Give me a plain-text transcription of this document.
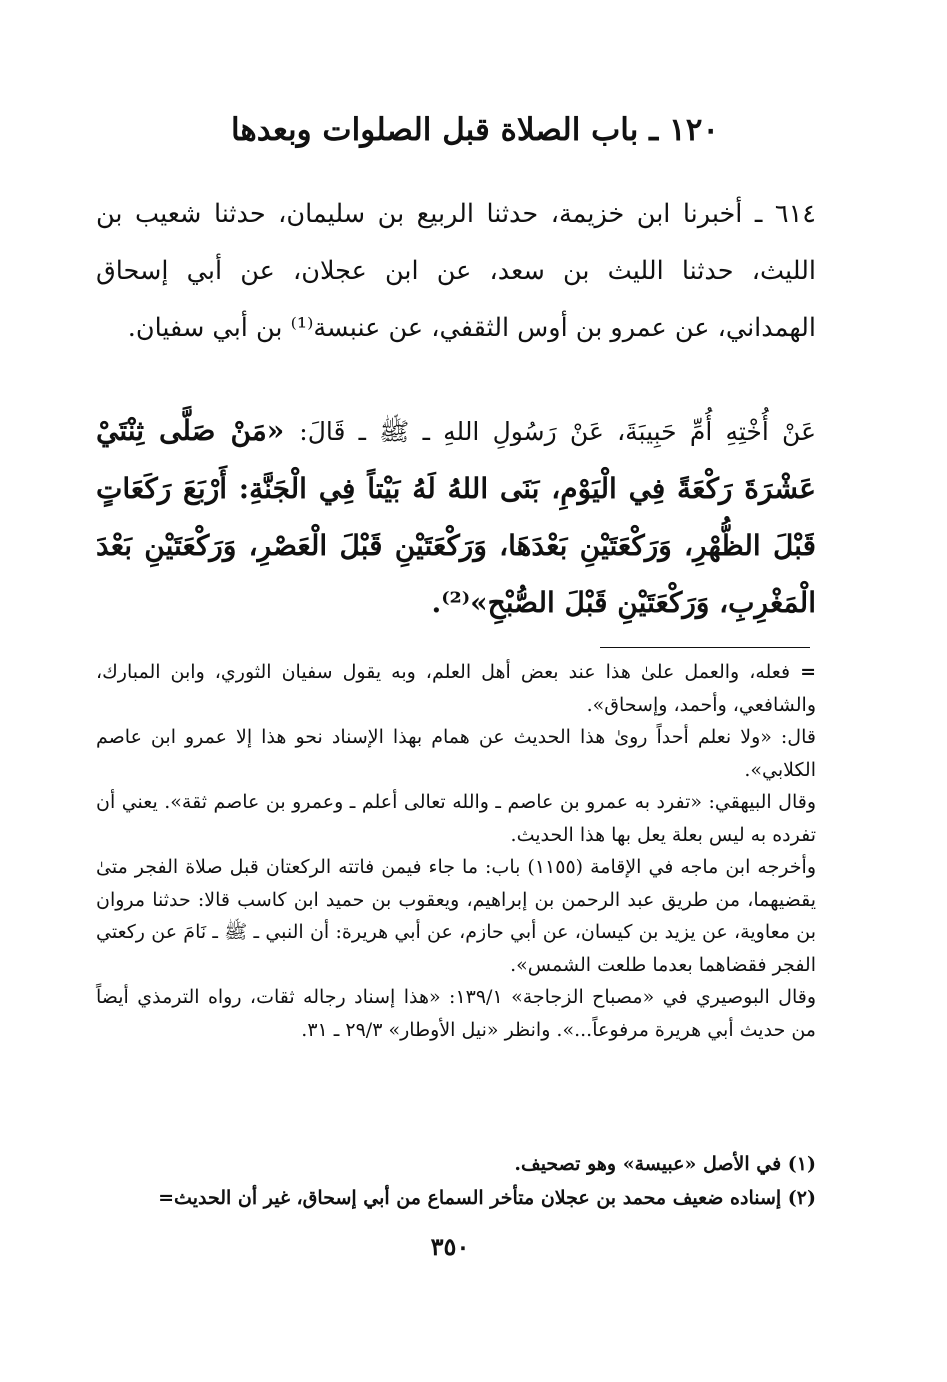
١٢٠ ـ باب الصلاة قبل الصلوات وبعدها
٦١٤ ـ أخبرنا ابن خزيمة، حدثنا الربيع بن سليمان، حدثنا شعيب بن الليث، حدثنا الليث بن سعد، عن ابن عجلان، عن أبي إسحاق الهمداني، عن عمرو بن أوس الثقفي، عن عنبسة⁽¹⁾ بن أبي سفيان.
عَنْ أُخْتِهِ أُمِّ حَبِيبَةَ، عَنْ رَسُولِ اللهِ ـ ﷺ ـ قَالَ: «مَنْ صَلَّى ثِنْتَيْ عَشْرَةَ رَكْعَةً فِي الْيَوْمِ، بَنَى اللهُ لَهُ بَيْتاً فِي الْجَنَّةِ: أَرْبَعَ رَكَعَاتٍ قَبْلَ الظُّهْرِ، وَرَكْعَتَيْنِ بَعْدَهَا، وَرَكْعَتَيْنِ قَبْلَ الْعَصْرِ، وَرَكْعَتَيْنِ بَعْدَ الْمَغْرِبِ، وَرَكْعَتَيْنِ قَبْلَ الصُّبْحِ»⁽²⁾.

= فعله، والعمل علىٰ هذا عند بعض أهل العلم، وبه يقول سفيان الثوري، وابن المبارك، والشافعي، وأحمد، وإسحاق».

قال: «ولا نعلم أحداً روىٰ هذا الحديث عن همام بهذا الإسناد نحو هذا إلا عمرو ابن عاصم الكلابي».

وقال البيهقي: «تفرد به عمرو بن عاصم ـ والله تعالى أعلم ـ وعمرو بن عاصم ثقة». يعني أن تفرده به ليس بعلة يعل بها هذا الحديث.

وأخرجه ابن ماجه في الإقامة (١١٥٥) باب: ما جاء فيمن فاتته الركعتان قبل صلاة الفجر متىٰ يقضيهما، من طريق عبد الرحمن بن إبراهيم، ويعقوب بن حميد ابن كاسب قالا: حدثنا مروان بن معاوية، عن يزيد بن كيسان، عن أبي حازم، عن أبي هريرة: أن النبي ـ ﷺ ـ نَامَ عن ركعتي الفجر فقضاهما بعدما طلعت الشمس».

وقال البوصيري في «مصباح الزجاجة» ١٣٩/١: «هذا إسناد رجاله ثقات، رواه الترمذي أيضاً من حديث أبي هريرة مرفوعاً...». وانظر «نيل الأوطار» ٢٩/٣ ـ ٣١.

(١) في الأصل «عبيسة» وهو تصحيف.
(٢) إسناده ضعيف محمد بن عجلان متأخر السماع من أبي إسحاق، غير أن الحديث=
٣٥٠
